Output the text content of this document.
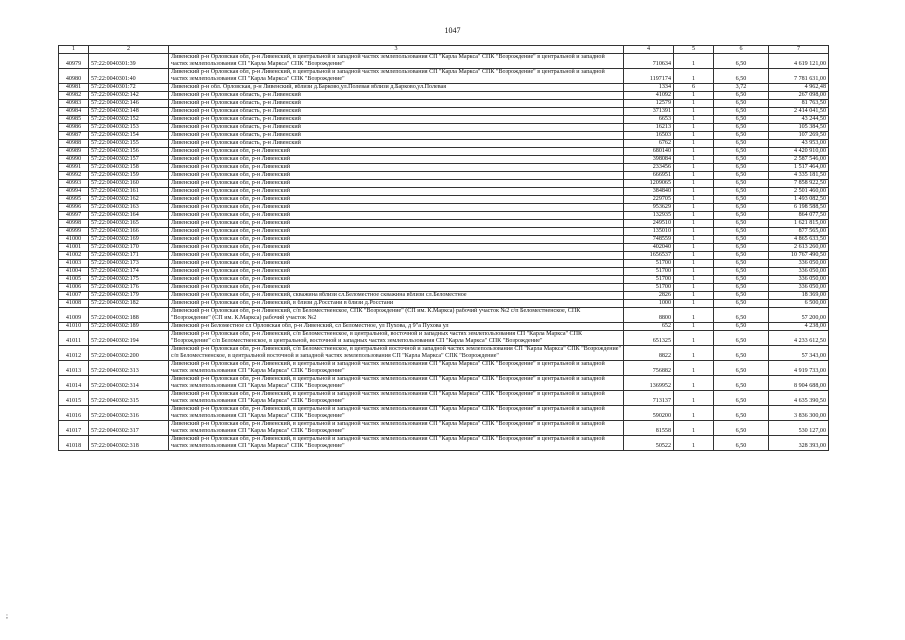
1047
1	2	3	4	5	6	7
40979	57:22:0040301:39	Ливенский р-н Орловская обл, р-н Ливенский, в центральной и западной частях землепользования СП "Карла Маркса" СПК "Возрождение" в центральной и западной частях землепользования СП "Карла Маркса" СПК "Возрождение"	710634	1	6,50	4 619 121,00
40980	57:22:0040301:40	Ливенский р-н Орловская обл, р-н Ливенский, в центральной и западной частях землепользования СП "Карла Маркса" СПК "Возрождение" в центральной и западной частях землепользования СП "Карла Маркса" СПК "Возрождение"	1197174	1	6,50	7 781 631,00
40981	57:22:0040301:72	Ливенский р-н обл. Орловская, р-н Ливенский, вблизи д.Барково,ул.Полевая вблизи д.Барково,ул.Полевая	1334	6	3,72	4 962,48
40982	57:22:0040302:142	Ливенский р-н Орловская область, р-н Ливенский	41092	1	6,50	267 098,00
40983	57:22:0040302:146	Ливенский р-н Орловская область, р-н Ливенский	12579	1	6,50	81 763,50
40984	57:22:0040302:148	Ливенский р-н Орловская область, р-н Ливенский	371391	1	6,50	2 414 041,50
40985	57:22:0040302:152	Ливенский р-н Орловская область, р-н Ливенский	6653	1	6,50	43 244,50
40986	57:22:0040302:153	Ливенский р-н Орловская область, р-н Ливенский	16213	1	6,50	105 384,50
40987	57:22:0040302:154	Ливенский р-н Орловская область, р-н Ливенский	16503	1	6,50	107 269,50
40988	57:22:0040302:155	Ливенский р-н Орловская область, р-н Ливенский	6762	1	6,50	43 953,00
40989	57:22:0040302:156	Ливенский р-н Орловская обл, р-н Ливенский	680140	1	6,50	4 420 910,00
40990	57:22:0040302:157	Ливенский р-н Орловская обл, р-н Ливенский	398084	1	6,50	2 587 546,00
40991	57:22:0040302:158	Ливенский р-н Орловская обл, р-н Ливенский	233456	1	6,50	1 517 464,00
40992	57:22:0040302:159	Ливенский р-н Орловская обл, р-н Ливенский	666951	1	6,50	4 335 181,50
40993	57:22:0040302:160	Ливенский р-н Орловская обл, р-н Ливенский	1209065	1	6,50	7 858 922,50
40994	57:22:0040302:161	Ливенский р-н Орловская обл, р-н Ливенский	384840	1	6,50	2 501 460,00
40995	57:22:0040302:162	Ливенский р-н Орловская обл, р-н Ливенский	229705	1	6,50	1 493 082,50
40996	57:22:0040302:163	Ливенский р-н Орловская обл, р-н Ливенский	953629	1	6,50	6 198 588,50
40997	57:22:0040302:164	Ливенский р-н Орловская обл, р-н Ливенский	132935	1	6,50	864 077,50
40998	57:22:0040302:165	Ливенский р-н Орловская обл, р-н Ливенский	249510	1	6,50	1 621 815,00
40999	57:22:0040302:166	Ливенский р-н Орловская обл, р-н Ливенский	135010	1	6,50	877 565,00
41000	57:22:0040302:169	Ливенский р-н Орловская обл, р-н Ливенский	748559	1	6,50	4 865 633,50
41001	57:22:0040302:170	Ливенский р-н Орловская обл, р-н Ливенский	402040	1	6,50	2 613 260,00
41002	57:22:0040302:171	Ливенский р-н Орловская обл, р-н Ливенский	1656537	1	6,50	10 767 490,50
41003	57:22:0040302:173	Ливенский р-н Орловская обл, р-н Ливенский	51700	1	6,50	336 050,00
41004	57:22:0040302:174	Ливенский р-н Орловская обл, р-н Ливенский	51700	1	6,50	336 050,00
41005	57:22:0040302:175	Ливенский р-н Орловская обл, р-н Ливенский	51700	1	6,50	336 050,00
41006	57:22:0040302:176	Ливенский р-н Орловская обл, р-н Ливенский	51700	1	6,50	336 050,00
41007	57:22:0040302:179	Ливенский р-н Орловская обл, р-н Ливенский, скважина вблизи сл.Беломестное скважина вблизи сл.Беломестное	2826	1	6,50	18 369,00
41008	57:22:0040302:182	Ливенский р-н Орловская обл, р-н Ливенский, в близи д.Росстани в близи д.Росстани	1000	1	6,50	6 500,00
41009	57:22:0040302:188	Ливенский р-н Орловская обл, р-н Ливенский, с/п Беломестненское, СПК "Возрождение" (СП им. К.Маркса) рабочий участок №2 с/п Беломестненское, СПК "Возрождение" (СП им. К.Маркса) рабочий участок №2	8800	1	6,50	57 200,00
41010	57:22:0040302:189	Ливенский р-н Беломестное сл Орловская обл, р-н Ливенский, сл Беломестное, ул Пухова, д 9"а Пухова ул	652	1	6,50	4 238,00
41011	57:22:0040302:194	Ливенский р-н Орловская обл, р-н Ливенский, с/п Беломестненское, в центральной, восточной и западных частях землепользования СП "Карла Маркса" СПК "Возрождение" с/п Беломестненское, в центральной, восточной и западных частях землепользования СП "Карла Маркса" СПК "Возрождение"	651325	1	6,50	4 233 612,50
41012	57:22:0040302:200	Ливенский р-н Орловская обл, р-н Ливенский, с/п Беломестненское, в центральной восточной и западной частях землепользования СП "Карла Маркса" СПК "Возрождение" с/п Беломестненское, в центральной восточной и западной частях землепользования СП "Карла Маркса" СПК "Возрождение"	8822	1	6,50	57 343,00
41013	57:22:0040302:313	Ливенский р-н Орловская обл, р-н Ливенский, в центральной и западной частях землепользования СП "Карла Маркса" СПК "Возрождение" в центральной и западной частях землепользования СП "Карла Маркса" СПК "Возрождение"	756882	1	6,50	4 919 733,00
41014	57:22:0040302:314	Ливенский р-н Орловская обл, р-н Ливенский, в центральной и западной частях землепользования СП "Карла Маркса" СПК "Возрождение" в центральной и западной частях землепользования СП "Карла Маркса" СПК "Возрождение"	1369952	1	6,50	8 904 688,00
41015	57:22:0040302:315	Ливенский р-н Орловская обл, р-н Ливенский, в центральной и западной частях землепользования СП "Карла Маркса" СПК "Возрождение" в центральной и западной частях землепользования СП "Карла Маркса" СПК "Возрождение"	713137	1	6,50	4 635 390,50
41016	57:22:0040302:316	Ливенский р-н Орловская обл, р-н Ливенский, в центральной и западной частях землепользования СП "Карла Маркса" СПК "Возрождение" в центральной и западной частях землепользования СП "Карла Маркса" СПК "Возрождение"	590200	1	6,50	3 836 300,00
41017	57:22:0040302:317	Ливенский р-н Орловская обл, р-н Ливенский, в центральной и западной частях землепользования СП "Карла Маркса" СПК "Возрождение" в центральной и западной частях землепользования СП "Карла Маркса" СПК "Возрождение"	81558	1	6,50	530 127,00
41018	57:22:0040302:318	Ливенский р-н Орловская обл, р-н Ливенский, в центральной и западной частях землепользования СП "Карла Маркса" СПК "Возрождение" в центральной и западной частях землепользования СП "Карла Маркса" СПК "Возрождение"	50522	1	6,50	328 393,00
;
